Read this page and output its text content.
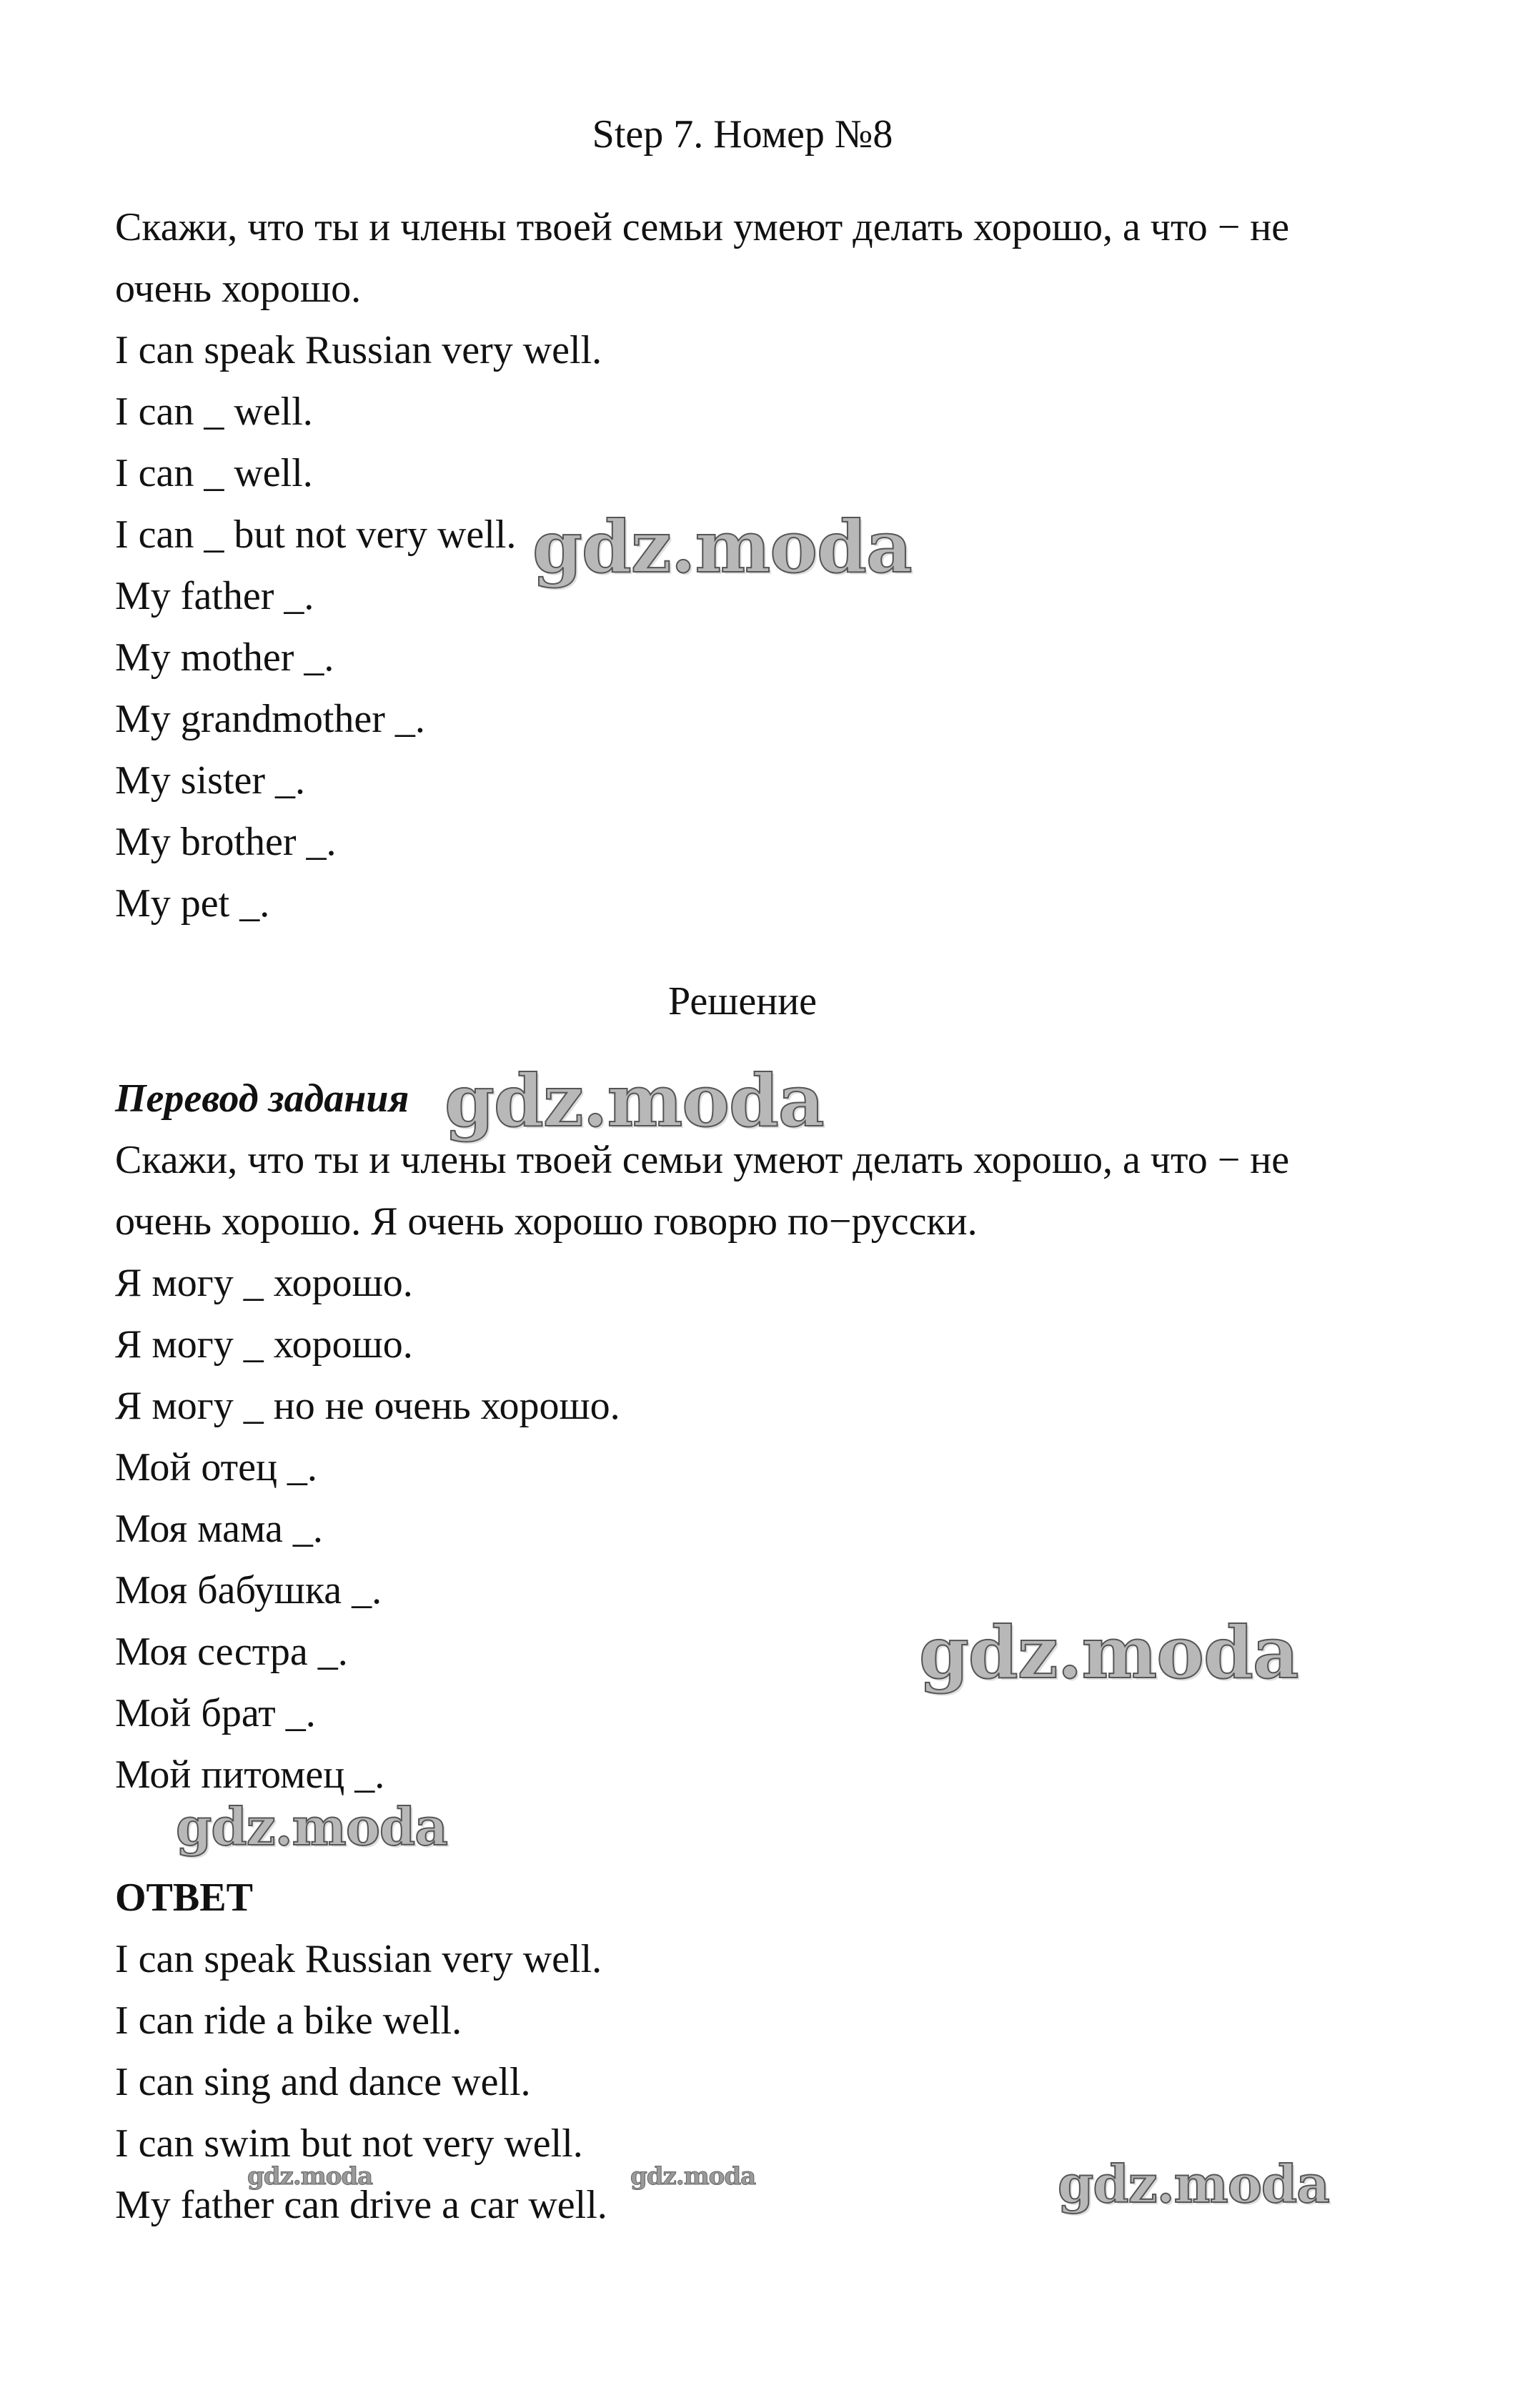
Step 7. Номер №8

Скажи, что ты и члены твоей семьи умеют делать хорошо, а что − не

очень хорошо.

I can speak Russian very well.

I can _ well.

I can _ well.

I can _ but not very well.

My father _.

My mother _.

My grandmother _.

My sister _.

My brother _.

My pet _.

Решение

Перевод задания

Скажи, что ты и члены твоей семьи умеют делать хорошо, а что − не

очень хорошо. Я очень хорошо говорю по−русски.

Я могу _ хорошо.

Я могу _ хорошо.

Я могу _ но не очень хорошо.

Мой отец _.

Моя мама _.

Моя бабушка _.

Моя сестра _.

Мой брат _.

Мой питомец _.

ОТВЕТ

I can speak Russian very well.

I can ride a bike well.

I can sing and dance well.

I can swim but not very well.

My father can drive a car well.

gdz.moda
gdz.moda
gdz.moda
gdz.moda
gdz.moda
gdz.moda	gdz.moda
